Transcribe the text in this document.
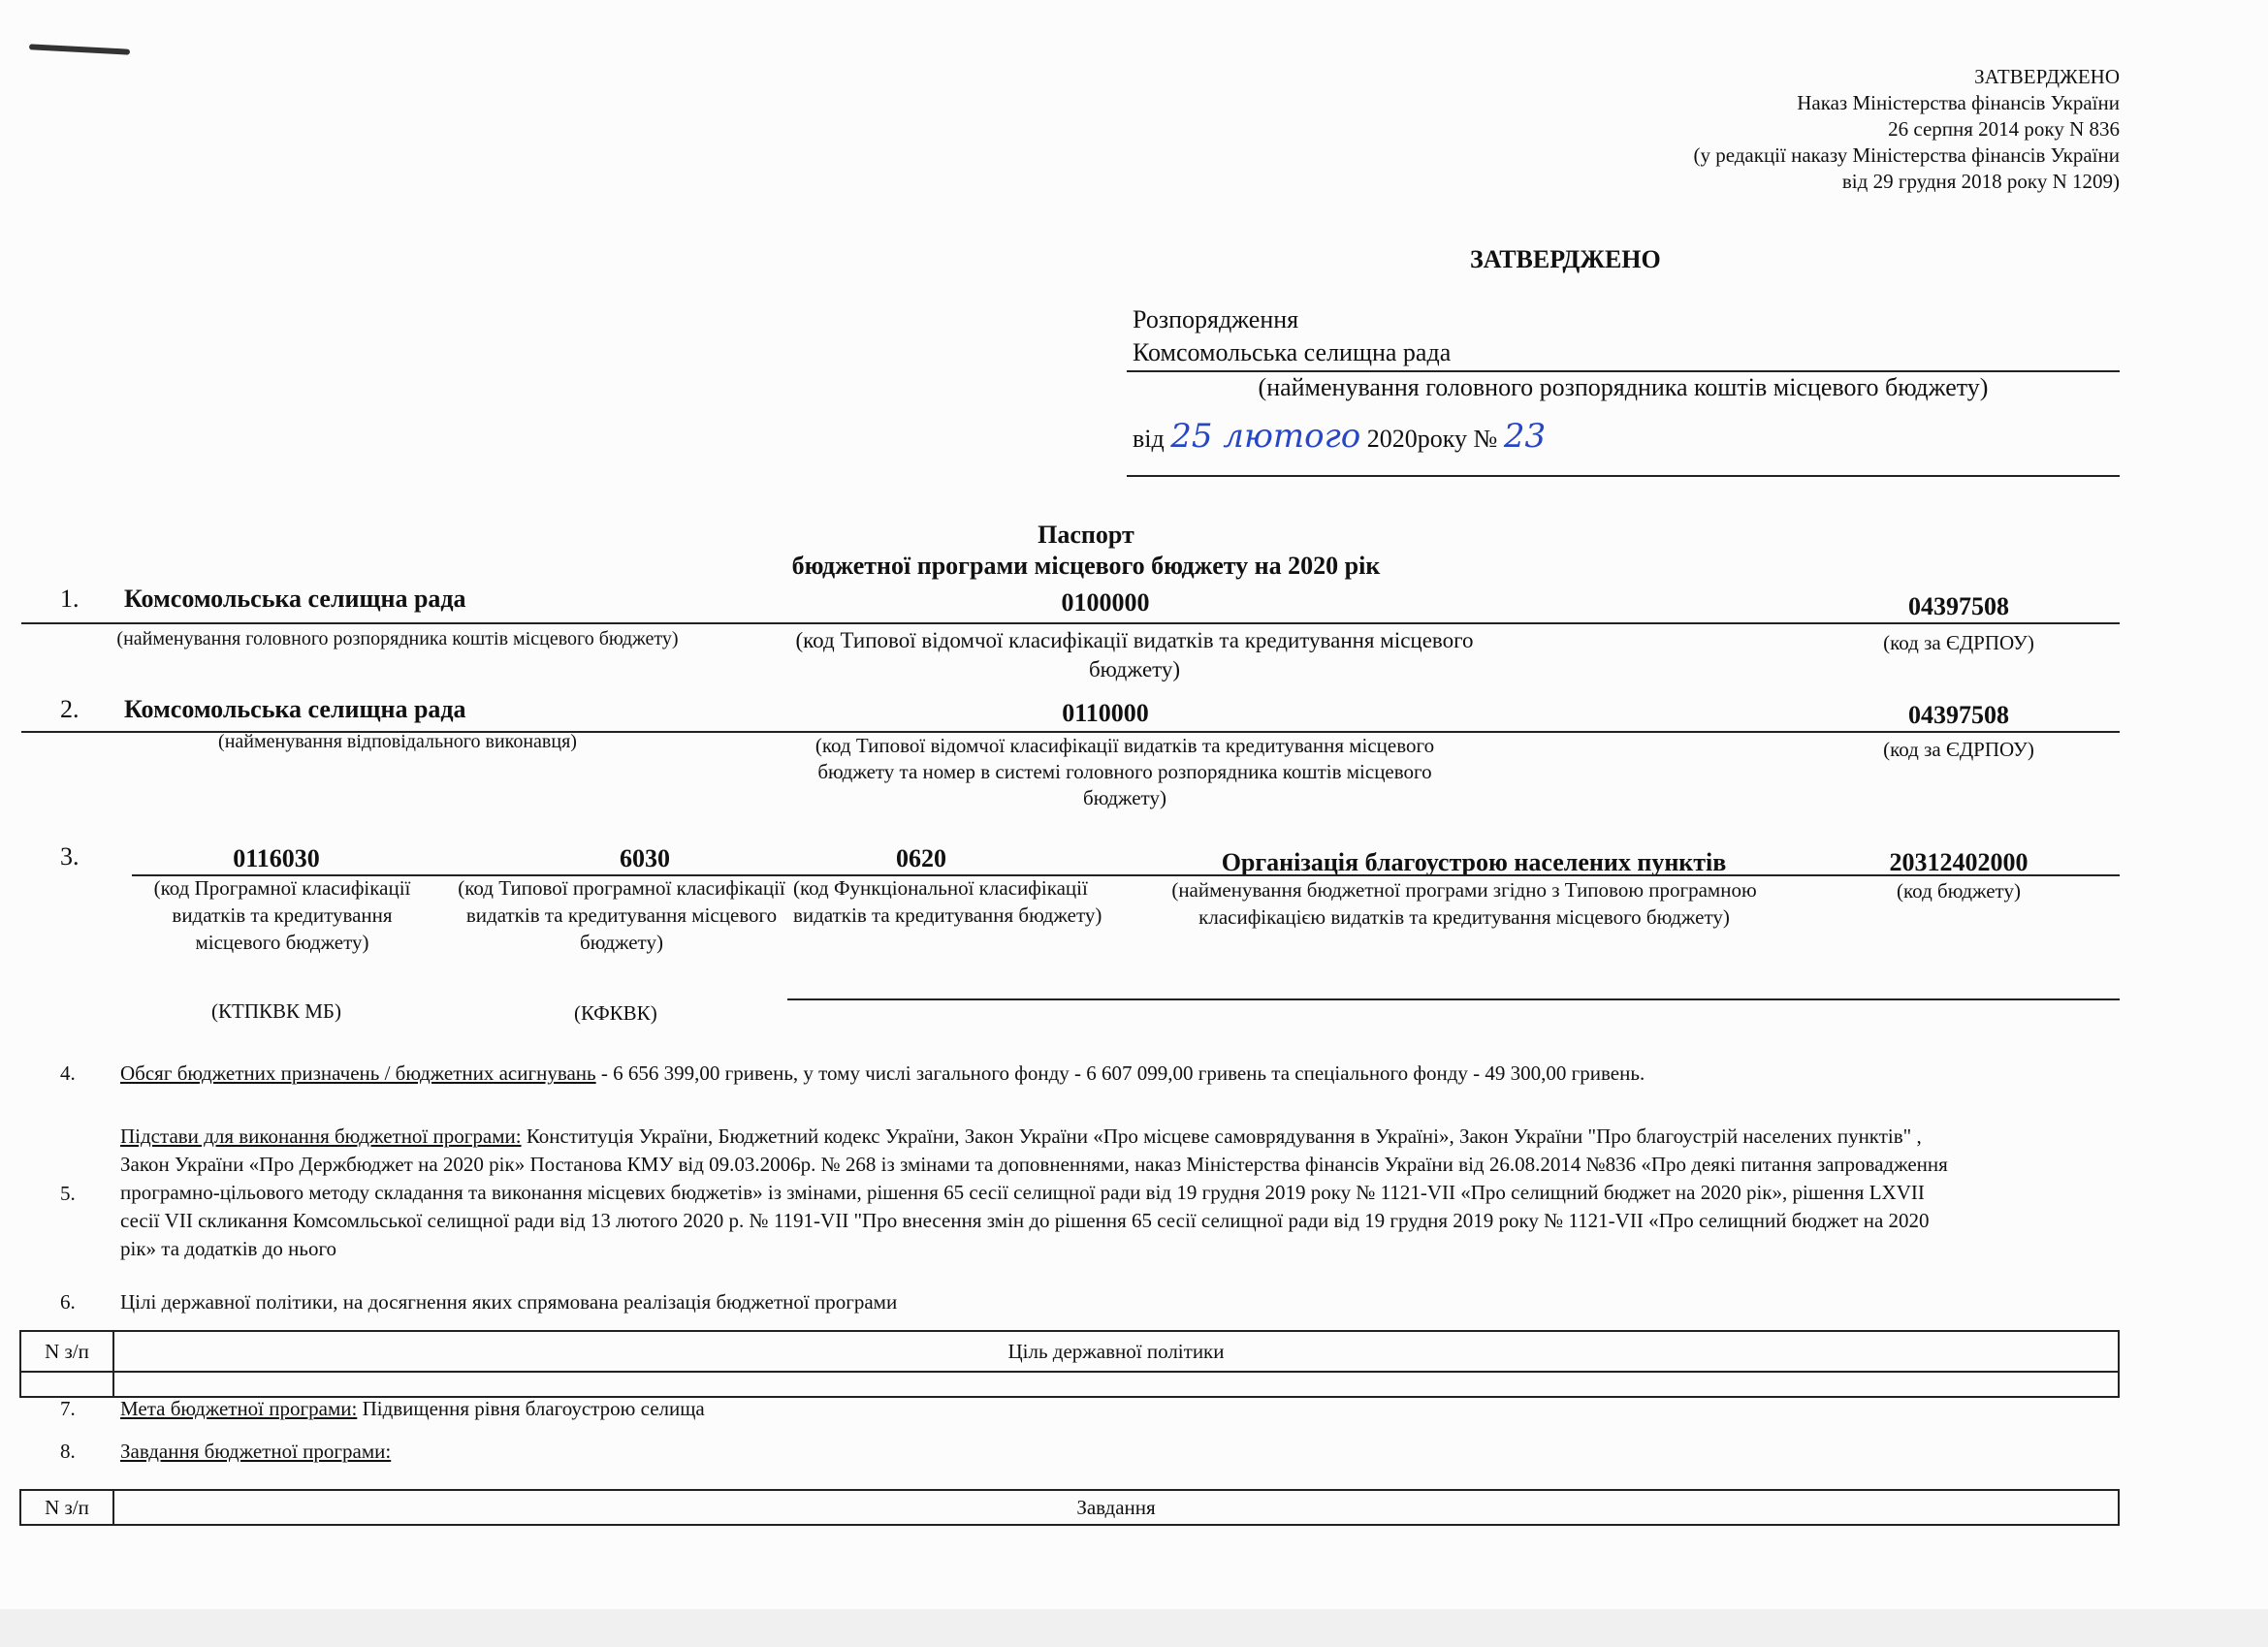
ЗАТВЕРДЖЕНО
Наказ Міністерства фінансів України
26 серпня 2014 року N 836
(у редакції наказу Міністерства фінансів України
від 29 грудня 2018 року N 1209)
ЗАТВЕРДЖЕНО
Розпорядження
Комсомольська селищна рада
(найменування головного розпорядника коштів місцевого бюджету)
від 25 лютого 2020року № 23
Паспорт
бюджетної програми місцевого бюджету на 2020 рік
1. Комсомольська селищна рада	0100000	04397508
(найменування головного розпорядника коштів місцевого бюджету)	(код Типової відомчої класифікації видатків та кредитування місцевого бюджету)
(код за ЄДРПОУ)
2. Комсомольська селищна рада	0110000	04397508
(найменування відповідального виконавця)	(код Типової відомчої класифікації видатків та кредитування місцевого бюджету та номер в системі головного розпорядника коштів місцевого бюджету)
(код за ЄДРПОУ)
3.	0116030	6030	0620	Організація благоустрою населених пунктів	20312402000
(код Програмної класифікації видатків та кредитування місцевого бюджету)
(код Типової програмної класифікації видатків та кредитування місцевого бюджету)
(код Функціональної класифікації видатків та кредитування бюджету)
(найменування бюджетної програми згідно з Типовою програмною класифікацією видатків та кредитування місцевого бюджету)
(код бюджету)
(КТПКВК МБ)	(КФКВК)
4. Обсяг бюджетних призначень / бюджетних асигнувань - 6 656 399,00 гривень, у тому числі загального фонду - 6 607 099,00 гривень та спеціального фонду - 49 300,00 гривень.
5.
Підстави для виконання бюджетної програми: Конституція України, Бюджетний кодекс України, Закон України «Про місцеве самоврядування в Україні», Закон України "Про благоустрій населених пунктів" ,
Закон України «Про Держбюджет на 2020 рік» Постанова КМУ від 09.03.2006р. № 268 із змінами та доповненнями, наказ Міністерства фінансів України від 26.08.2014 №836 «Про деякі питання запровадження
програмно-цільового методу складання та виконання місцевих бюджетів» із змінами, рішення 65 сесії селищної ради від 19 грудня 2019 року № 1121-VII «Про селищний бюджет на 2020 рік», рішення LXVII
сесії VII скликання Комсомльської селищної ради від 13 лютого 2020 р. № 1191-VII "Про внесення змін до рішення 65 сесії селищної ради від 19 грудня 2019 року № 1121-VII «Про селищний бюджет на 2020
рік» та додатків до нього
6. Цілі державної політики, на досягнення яких спрямована реалізація бюджетної програми
N з/п	Ціль державної політики
7. Мета бюджетної програми: Підвищення рівня благоустрою селища
8. Завдання бюджетної програми:
N з/п	Завдання
